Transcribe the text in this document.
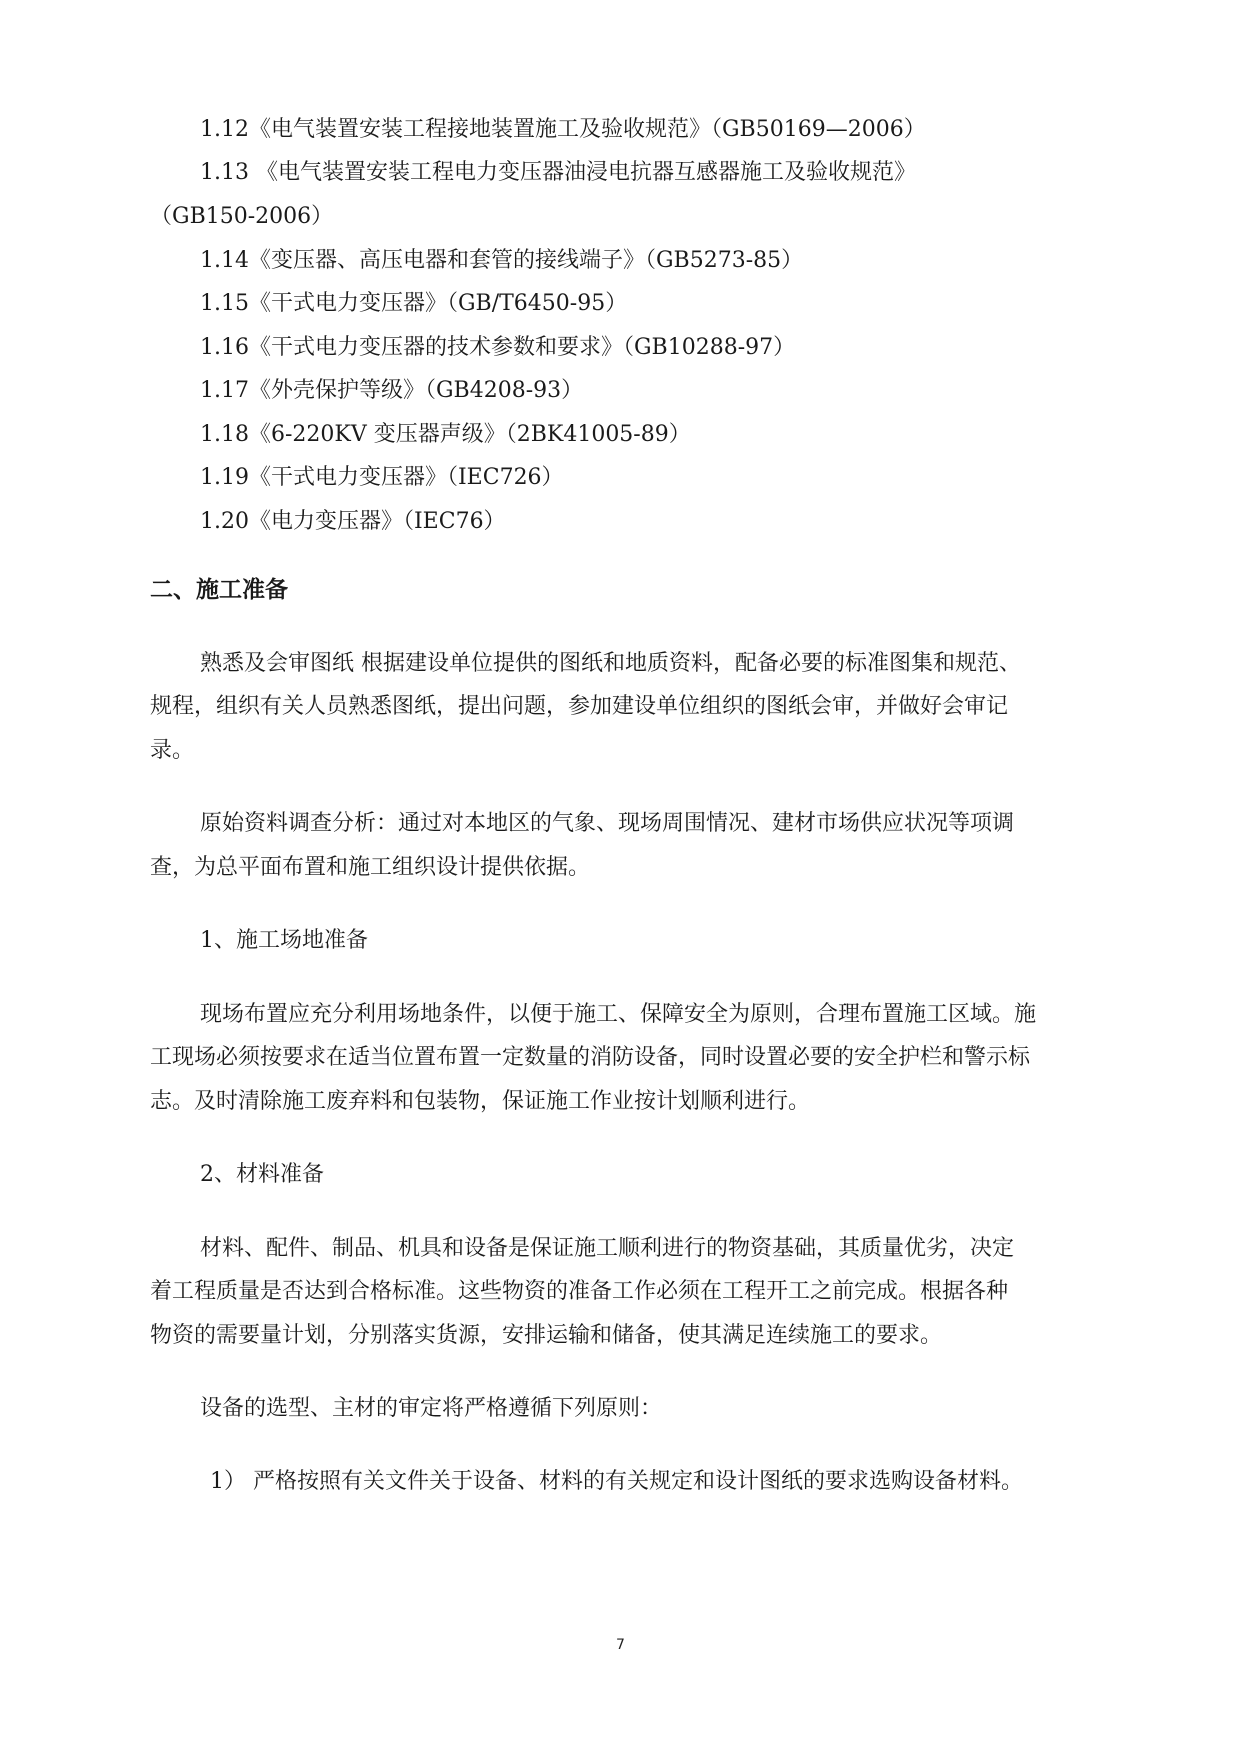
1.12《电气装置安装工程接地装置施工及验收规范》（GB50169—2006）
1.13 《电气装置安装工程电力变压器油浸电抗器互感器施工及验收规范》
（GB150-2006）
1.14《变压器、高压电器和套管的接线端子》（GB5273-85）
1.15《干式电力变压器》（GB/T6450-95）
1.16《干式电力变压器的技术参数和要求》（GB10288-97）
1.17《外壳保护等级》（GB4208-93）
1.18《6-220KV 变压器声级》（2BK41005-89）
1.19《干式电力变压器》（IEC726）
1.20《电力变压器》（IEC76）
二、施工准备
熟悉及会审图纸 根据建设单位提供的图纸和地质资料，配备必要的标准图集和规范、
规程，组织有关人员熟悉图纸，提出问题，参加建设单位组织的图纸会审，并做好会审记
录。
原始资料调查分析：通过对本地区的气象、现场周围情况、建材市场供应状况等项调
查，为总平面布置和施工组织设计提供依据。
1、施工场地准备
现场布置应充分利用场地条件，以便于施工、保障安全为原则，合理布置施工区域。施
工现场必须按要求在适当位置布置一定数量的消防设备，同时设置必要的安全护栏和警示标
志。及时清除施工废弃料和包装物，保证施工作业按计划顺利进行。
2、材料准备
材料、配件、制品、机具和设备是保证施工顺利进行的物资基础，其质量优劣，决定
着工程质量是否达到合格标准。这些物资的准备工作必须在工程开工之前完成。根据各种
物资的需要量计划，分别落实货源，安排运输和储备，使其满足连续施工的要求。
设备的选型、主材的审定将严格遵循下列原则：
1） 严格按照有关文件关于设备、材料的有关规定和设计图纸的要求选购设备材料。
7
